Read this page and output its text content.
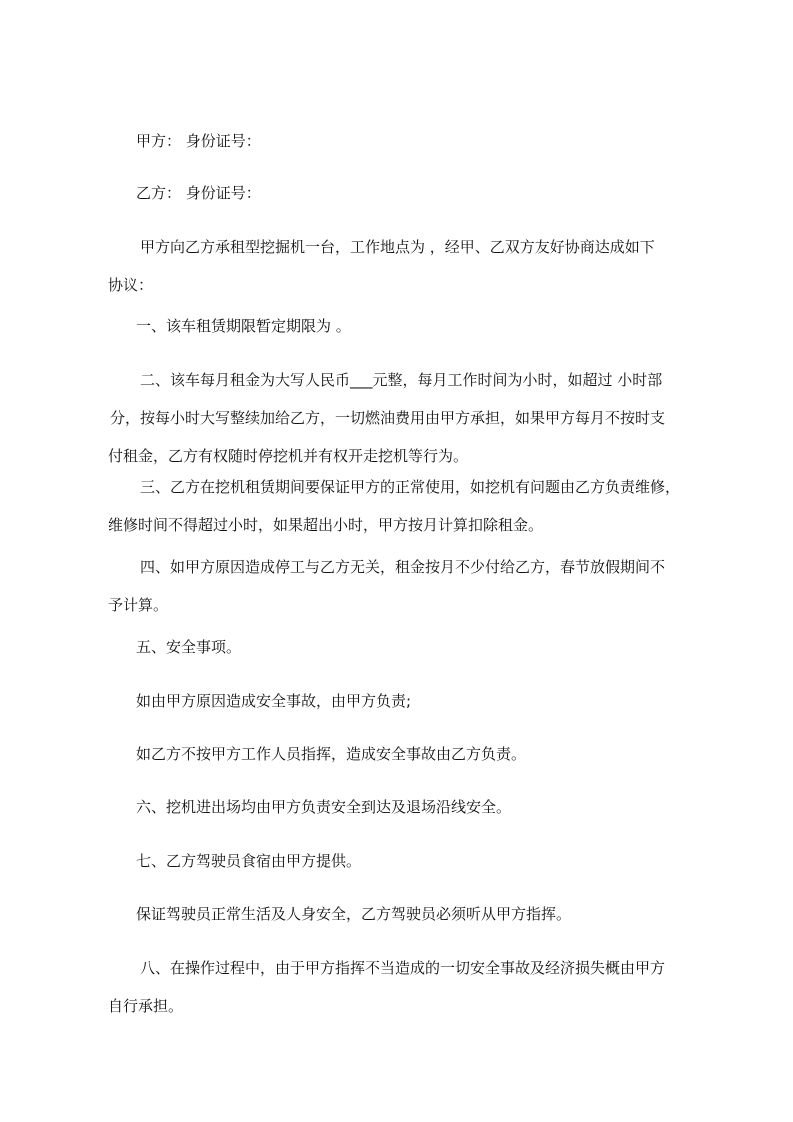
甲方： 身份证号：

乙方： 身份证号：

甲方向乙方承租型挖掘机一台，工作地点为 ，经甲、乙双方友好协商达成如下
协议：

一、该车租赁期限暂定期限为 。

二、该车每月租金为大写人民币___元整，每月工作时间为小时，如超过 小时部
分，按每小时大写整续加给乙方，一切燃油费用由甲方承担，如果甲方每月不按时支
付租金，乙方有权随时停挖机并有权开走挖机等行为。

三、乙方在挖机租赁期间要保证甲方的正常使用，如挖机有问题由乙方负责维修，
维修时间不得超过小时，如果超出小时，甲方按月计算扣除租金。

四、如甲方原因造成停工与乙方无关，租金按月不少付给乙方，春节放假期间不
予计算。

五、安全事项。

如由甲方原因造成安全事故，由甲方负责;

如乙方不按甲方工作人员指挥，造成安全事故由乙方负责。

六、挖机进出场均由甲方负责安全到达及退场沿线安全。

七、乙方驾驶员食宿由甲方提供。

保证驾驶员正常生活及人身安全，乙方驾驶员必须听从甲方指挥。

八、在操作过程中，由于甲方指挥不当造成的一切安全事故及经济损失概由甲方
自行承担。
